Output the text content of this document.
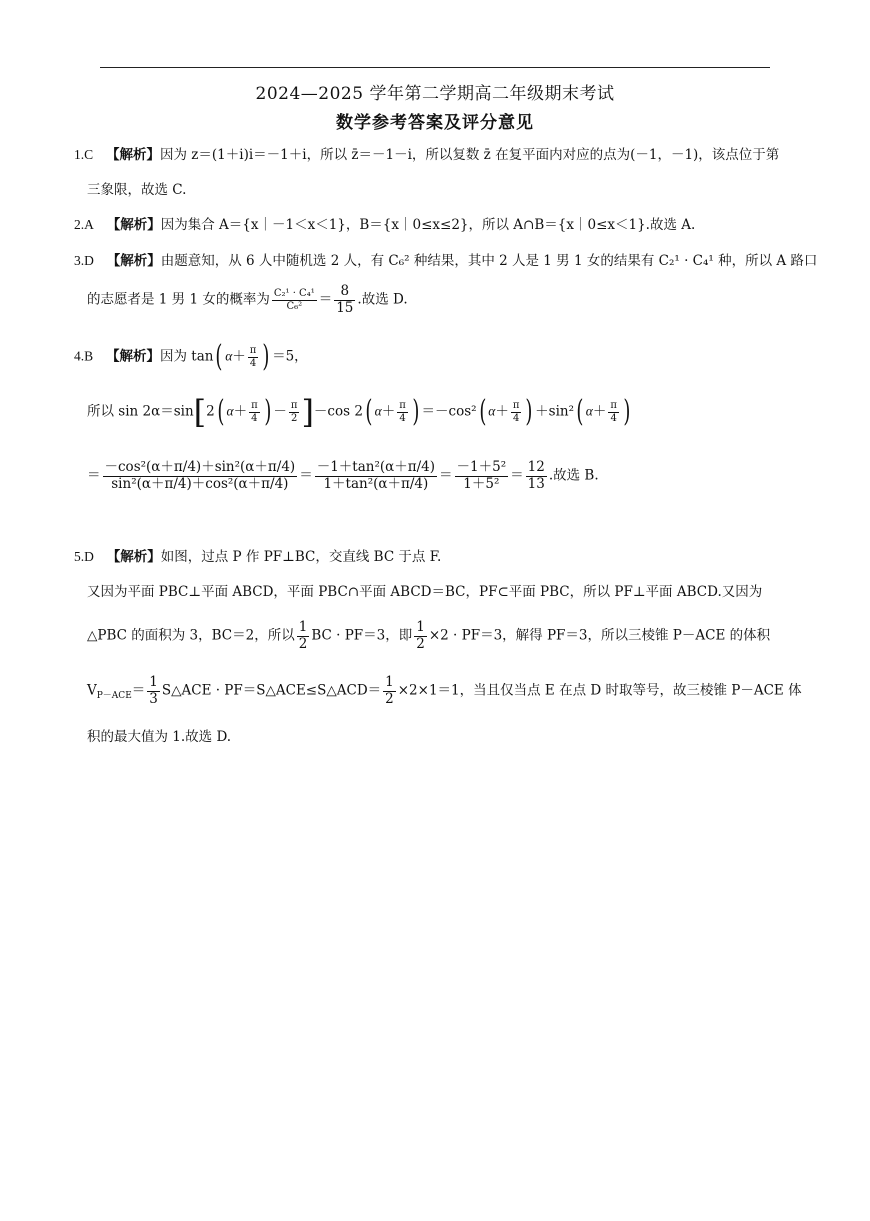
2024—2025 学年第二学期高二年级期末考试
数学参考答案及评分意见
1.C 【解析】因为 z＝(1＋i)i＝－1＋i，所以 z̄＝－1－i，所以复数 z̄ 在复平面内对应的点为(－1，－1)，该点位于第
三象限，故选 C.
2.A 【解析】因为集合 A＝{x｜－1＜x＜1}，B＝{x｜0≤x≤2}，所以 A∩B＝{x｜0≤x＜1}.故选 A.
3.D 【解析】由题意知，从 6 人中随机选 2 人，有 C₆² 种结果，其中 2 人是 1 男 1 女的结果有 C₂¹ · C₄¹ 种，所以 A 路口
的志愿者是 1 男 1 女的概率为 $\frac{\text{C₂¹ · C₄¹}}{\text{C₆²}} = \frac{8}{15}$ .故选 D.
4.B 【解析】因为 tan( $\alpha+ \frac{\pi}{4}$ ) ＝5，
所以 sin 2α＝sin[2( $\alpha+ \frac{\pi}{4}$ ) － $\frac{\pi}{2} ]-\cos$ 2( $\alpha+ \frac{\pi}{4}$ ) ＝－cos²( $\alpha+ \frac{\pi}{4}$ ) ＋sin²( $\alpha+ \frac{\pi}{4}$ )
＝ $\frac{\text{－cos²(α＋π/4)＋sin²(α＋π/4)}}{\text{sin²(α＋π/4)＋cos²(α＋π/4)}} = \frac{\text{－1＋tan²(α＋π/4)}}{\text{1＋tan²(α＋π/4)}} = \frac{\text{－1＋5²}}{\text{1＋5²}} = \frac{12}{13}$ .故选 B.
5.D 【解析】如图，过点 P 作 PF⊥BC，交直线 BC 于点 F.
又因为平面 PBC⊥平面 ABCD，平面 PBC∩平面 ABCD＝BC，PF⊂平面 PBC，所以 PF⊥平面 ABCD.又因为
△PBC 的面积为 3，BC＝2，所以 $\frac{1}{2}$ BC · PF＝3，即 $\frac{1}{2} \times 2 \cdot PF=3$，解得 PF＝3，所以三棱锥 P－ACE 的体积
$V_{P-ACE}= \frac{1}{3}$ S△ACE · PF＝S△ACE≤S△ACD＝ $\frac{1}{2} \times 2\times 1=1$，当且仅当点 E 在点 D 时取等号，故三棱锥 P－ACE 体
积的最大值为 1.故选 D.
